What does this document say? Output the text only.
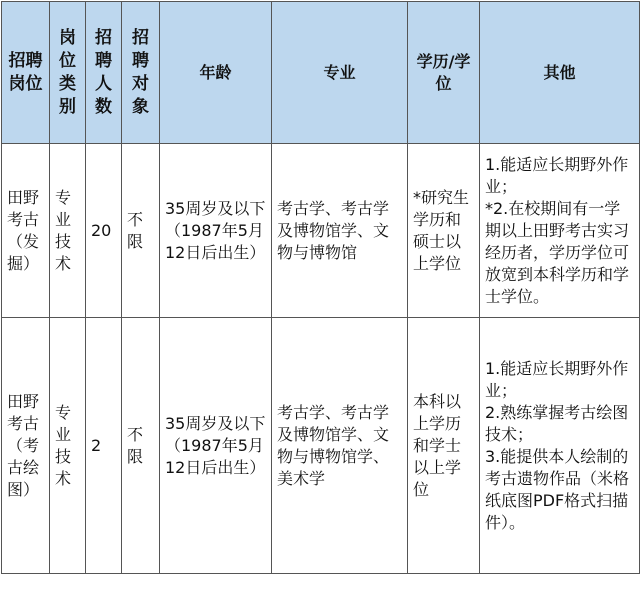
招聘岗位	岗位类别	招聘人数	招聘对象	年龄	专业	学历/学位	其他
田野考古（发掘）	专业技术	20	不限	35周岁及以下（1987年5月12日后出生）	考古学、考古学及博物馆学、文物与博物馆	*研究生学历和硕士以上学位	1.能适应长期野外作业；
*2.在校期间有一学期以上田野考古实习经历者，学历学位可放宽到本科学历和学士学位。

田野考古（考古绘图）	专业技术	2	不限	35周岁及以下（1987年5月12日后出生）	考古学、考古学及博物馆学、文物与博物馆学、美术学	本科以上学历和学士以上学位	1.能适应长期野外作业；
2.熟练掌握考古绘图技术；
3.能提供本人绘制的考古遗物作品（米格纸底图PDF格式扫描件）。
